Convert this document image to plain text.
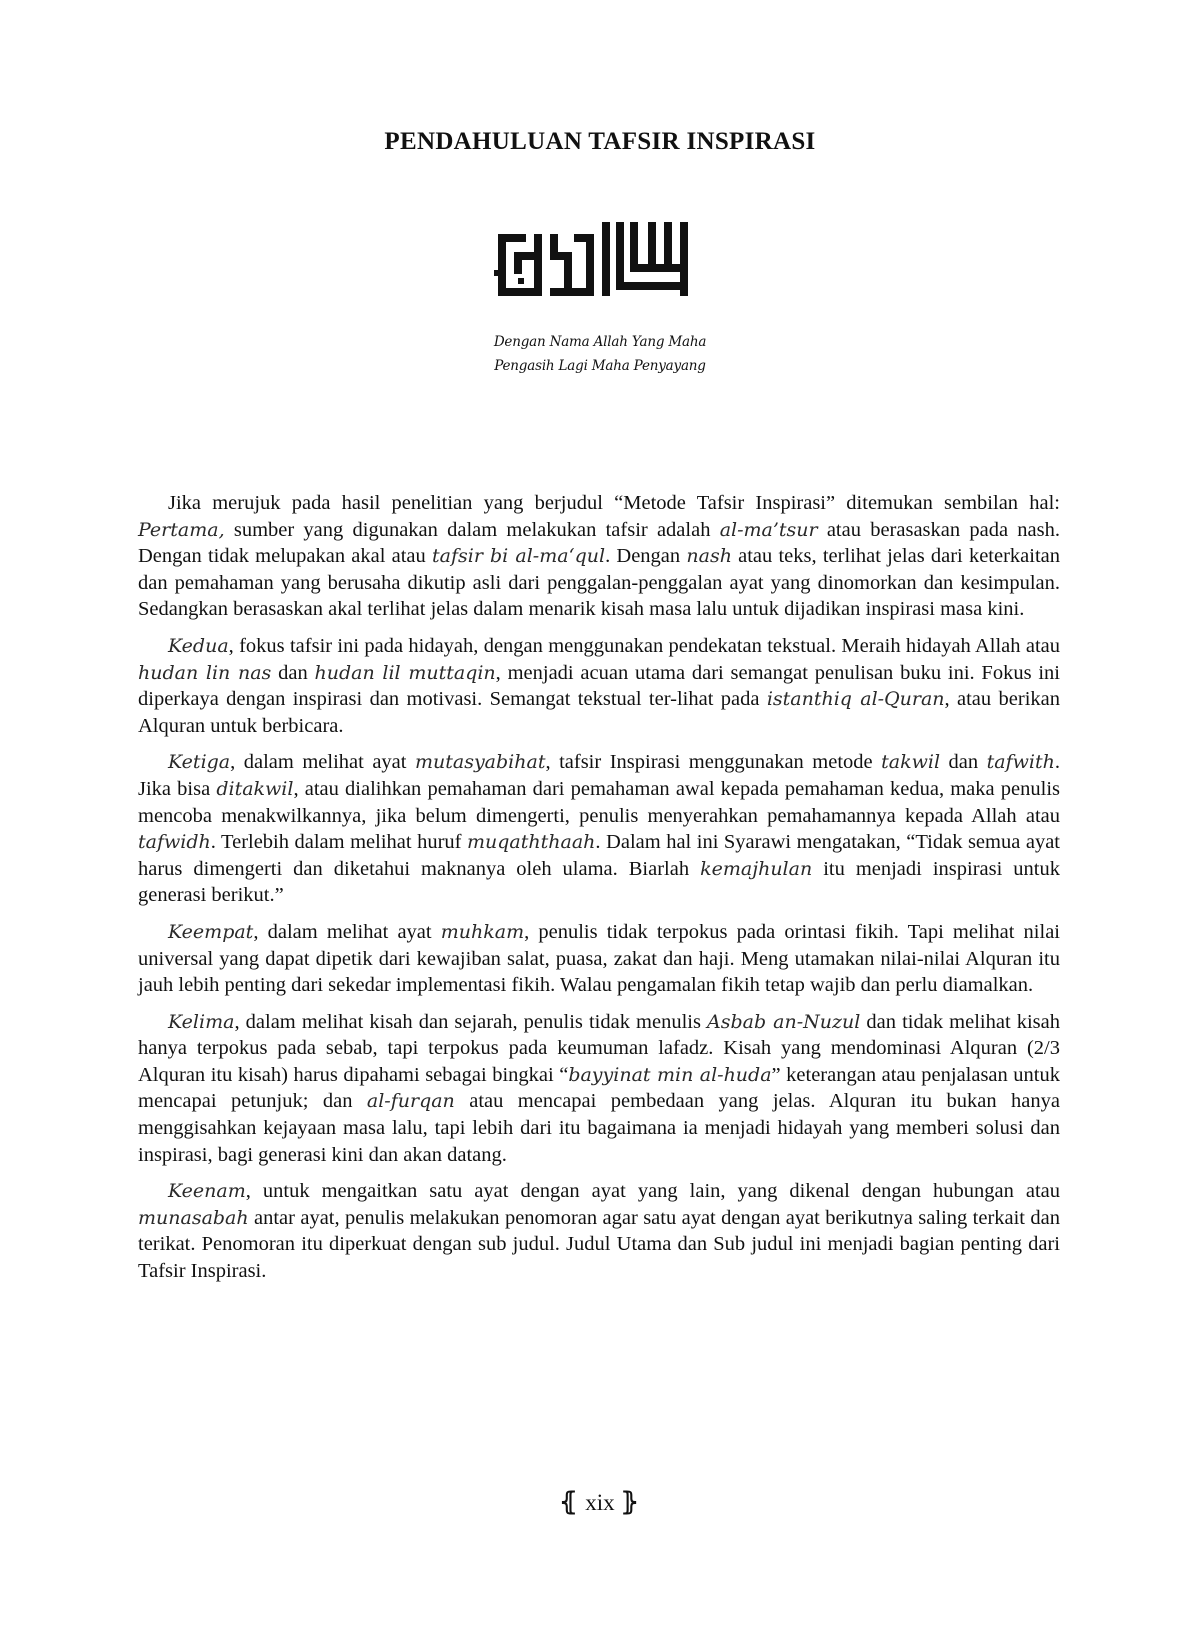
PENDAHULUAN TAFSIR INSPIRASI
Dengan Nama Allah Yang Maha
Pengasih Lagi Maha Penyayang

Jika merujuk pada hasil penelitian yang berjudul “Metode Tafsir Inspirasi” ditemukan sembilan hal: Pertama, sumber yang digunakan dalam melakukan tafsir adalah al-ma’tsur atau berasaskan pada nash. Dengan tidak melupakan akal atau tafsir bi al-ma‘qul. Dengan nash atau teks, terlihat jelas dari keterkaitan dan pemahaman yang berusaha dikutip asli dari penggalan-penggalan ayat yang dinomorkan dan kesimpulan. Sedangkan berasaskan akal terlihat jelas dalam menarik kisah masa lalu untuk dijadikan inspirasi masa kini.

Kedua, fokus tafsir ini pada hidayah, dengan menggunakan pendekatan tekstual. Meraih hidayah Allah atau hudan lin nas dan hudan lil muttaqin, menjadi acuan utama dari semangat penulisan buku ini. Fokus ini diperkaya dengan inspirasi dan motivasi. Semangat tekstual ter-lihat pada istanthiq al-Quran, atau berikan Alquran untuk berbicara.

Ketiga, dalam melihat ayat mutasyabihat, tafsir Inspirasi menggunakan metode takwil dan tafwith. Jika bisa ditakwil, atau dialihkan pemahaman dari pemahaman awal kepada pemahaman kedua, maka penulis mencoba menakwilkannya, jika belum dimengerti, penulis menyerahkan pemahamannya kepada Allah atau tafwidh. Terlebih dalam melihat huruf muqaththaah. Dalam hal ini Syarawi mengatakan, “Tidak semua ayat harus dimengerti dan diketahui maknanya oleh ulama. Biarlah kemajhulan itu menjadi inspirasi untuk generasi berikut.”

Keempat, dalam melihat ayat muhkam, penulis tidak terpokus pada orintasi fikih. Tapi melihat nilai universal yang dapat dipetik dari kewajiban salat, puasa, zakat dan haji. Meng utamakan nilai-nilai Alquran itu jauh lebih penting dari sekedar implementasi fikih. Walau pengamalan fikih tetap wajib dan perlu diamalkan.

Kelima, dalam melihat kisah dan sejarah, penulis tidak menulis Asbab an-Nuzul dan tidak melihat kisah hanya terpokus pada sebab, tapi terpokus pada keumuman lafadz. Kisah yang mendominasi Alquran (2/3 Alquran itu kisah) harus dipahami sebagai bingkai “bayyinat min al-huda” keterangan atau penjalasan untuk mencapai petunjuk; dan al-furqan atau mencapai pembedaan yang jelas. Alquran itu bukan hanya menggisahkan kejayaan masa lalu, tapi lebih dari itu bagaimana ia menjadi hidayah yang memberi solusi dan inspirasi, bagi generasi kini dan akan datang.

Keenam, untuk mengaitkan satu ayat dengan ayat yang lain, yang dikenal dengan hubungan atau munasabah antar ayat, penulis melakukan penomoran agar satu ayat dengan ayat berikutnya saling terkait dan terikat. Penomoran itu diperkuat dengan sub judul. Judul Utama dan Sub judul ini menjadi bagian penting dari Tafsir Inspirasi.

⦃ xix ⦄
